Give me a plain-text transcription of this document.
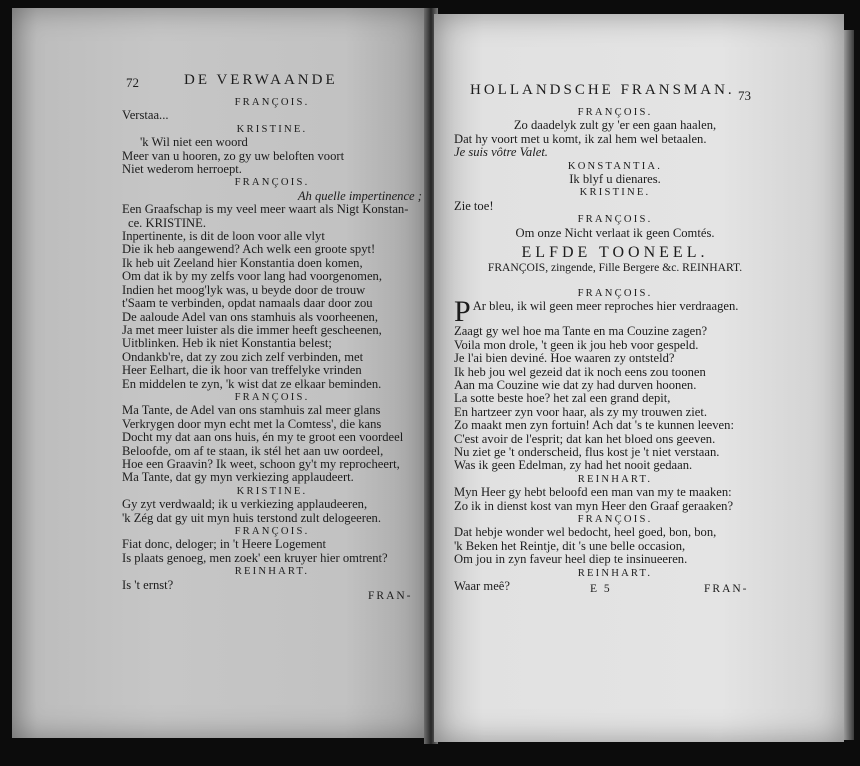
72	DE VERWAANDE
FRANÇOIS.
Verstaa...
KRISTINE.
'k Wil niet een woord
Meer van u hooren, zo gy uw beloften voort
Niet wederom herroept.
FRANÇOIS.
Ah quelle impertinence ;
Een Graafschap is my veel meer waart als Nigt Konstan-
ce. KRISTINE.
Inpertinente, is dit de loon voor alle vlyt
Die ik heb aangewend? Ach welk een groote spyt!
Ik heb uit Zeeland hier Konstantia doen komen,
Om dat ik by my zelfs voor lang had voorgenomen,
Indien het moog'lyk was, u beyde door de trouw
t'Saam te verbinden, opdat namaals daar door zou
De aaloude Adel van ons stamhuis als voorheenen,
Ja met meer luister als die immer heeft gescheenen,
Uitblinken. Heb ik niet Konstantia belest;
Ondankb're, dat zy zou zich zelf verbinden, met
Heer Eelhart, die ik hoor van treffelyke vrinden
En middelen te zyn, 'k wist dat ze elkaar beminden.
FRANÇOIS.
Ma Tante, de Adel van ons stamhuis zal meer glans
Verkrygen door myn echt met la Comtess', die kans
Docht my dat aan ons huis, én my te groot een voordeel
Beloofde, om af te staan, ik stél het aan uw oordeel,
Hoe een Graavin? Ik weet, schoon gy't my reprocheert,
Ma Tante, dat gy myn verkiezing applaudeert.
KRISTINE.
Gy zyt verdwaald; ik u verkiezing applaudeeren,
'k Zég dat gy uit myn huis terstond zult delogeeren.
FRANÇOIS.
Fiat donc, deloger; in 't Heere Logement
Is plaats genoeg, men zoek' een kruyer hier omtrent?
REINHART.
Is 't ernst?
FRAN-
HOLLANDSCHE FRANSMAN. 73
FRANÇOIS.
Zo daadelyk zult gy 'er een gaan haalen,
Dat hy voort met u komt, ik zal hem wel betaalen.
Je suis vôtre Valet.
KONSTANTIA.
Ik blyf u dienares.
KRISTINE.
Zie toe!
FRANÇOIS.
Om onze Nicht verlaat ik geen Comtés.
ELFDE TOONEEL.
FRANÇOIS, zingende, Fille Bergere &c. REINHART.
FRANÇOIS.
P Ar bleu, ik wil geen meer reproches hier verdraagen.
Zaagt gy wel hoe ma Tante en ma Couzine zagen?
Voila mon drole, 't geen ik jou heb voor gespeld.
Je l'ai bien deviné. Hoe waaren zy ontsteld?
Ik heb jou wel gezeid dat ik noch eens zou toonen
Aan ma Couzine wie dat zy had durven hoonen.
La sotte beste hoe? het zal een grand depit,
En hartzeer zyn voor haar, als zy my trouwen ziet.
Zo maakt men zyn fortuin! Ach dat 's te kunnen leeven:
C'est avoir de l'esprit; dat kan het bloed ons geeven.
Nu ziet ge 't onderscheid, flus kost je 't niet verstaan.
Was ik geen Edelman, zy had het nooit gedaan.
REINHART.
Myn Heer gy hebt beloofd een man van my te maaken:
Zo ik in dienst kost van myn Heer den Graaf geraaken?
FRANÇOIS.
Dat hebje wonder wel bedocht, heel goed, bon, bon,
'k Beken het Reintje, dit 's une belle occasion,
Om jou in zyn faveur heel diep te insinueeren.
REINHART.
Waar meê?	E 5	FRAN-
